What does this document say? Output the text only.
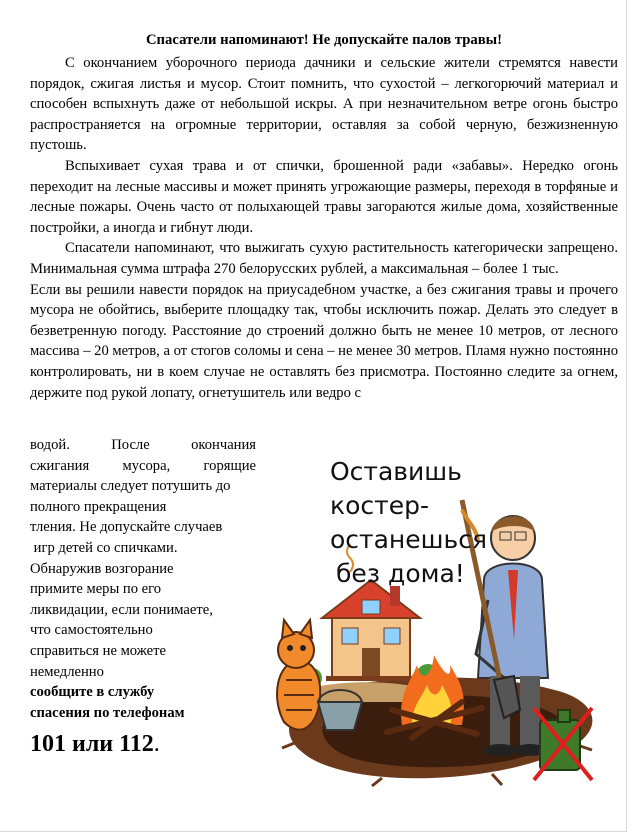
Спасатели напоминают! Не допускайте палов травы!

С окончанием уборочного периода дачники и сельские жители стремятся навести порядок, сжигая листья и мусор. Стоит помнить, что сухостой – легкогорючий материал и способен вспыхнуть даже от небольшой искры. А при незначительном ветре огонь быстро распространяется на огромные территории, оставляя за собой черную, безжизненную пустошь.

Вспыхивает сухая трава и от спички, брошенной ради «забавы». Нередко огонь переходит на лесные массивы и может принять угрожающие размеры, переходя в торфяные и лесные пожары. Очень часто от полыхающей травы загораются жилые дома, хозяйственные постройки, а иногда и гибнут люди.

Спасатели напоминают, что выжигать сухую растительность категорически запрещено. Минимальная сумма штрафа 270 белорусских рублей, а максимальная – более 1 тыс.

Если вы решили навести порядок на приусадебном участке, а без сжигания травы и прочего мусора не обойтись, выберите площадку так, чтобы исключить пожар. Делать это следует в безветренную погоду. Расстояние до строений должно быть не менее 10 метров, от лесного массива – 20 метров, а от стогов соломы и сена – не менее 30 метров. Пламя нужно постоянно контролировать, ни в коем случае не оставлять без присмотра. Постоянно следите за огнем, держите под рукой лопату, огнетушитель или ведро с

водой. После окончания
сжигания мусора, горящие
материалы следует потушить до
полного прекращения
тления. Не допускайте случаев
игр детей со спичками.
Обнаружив возгорание
примите меры по его
ликвидации, если понимаете,
что самостоятельно
справиться не можете
немедленно
сообщите в службу
спасения по телефонам
101 или 112.
Оставишь костер-
останешься
без дома!
